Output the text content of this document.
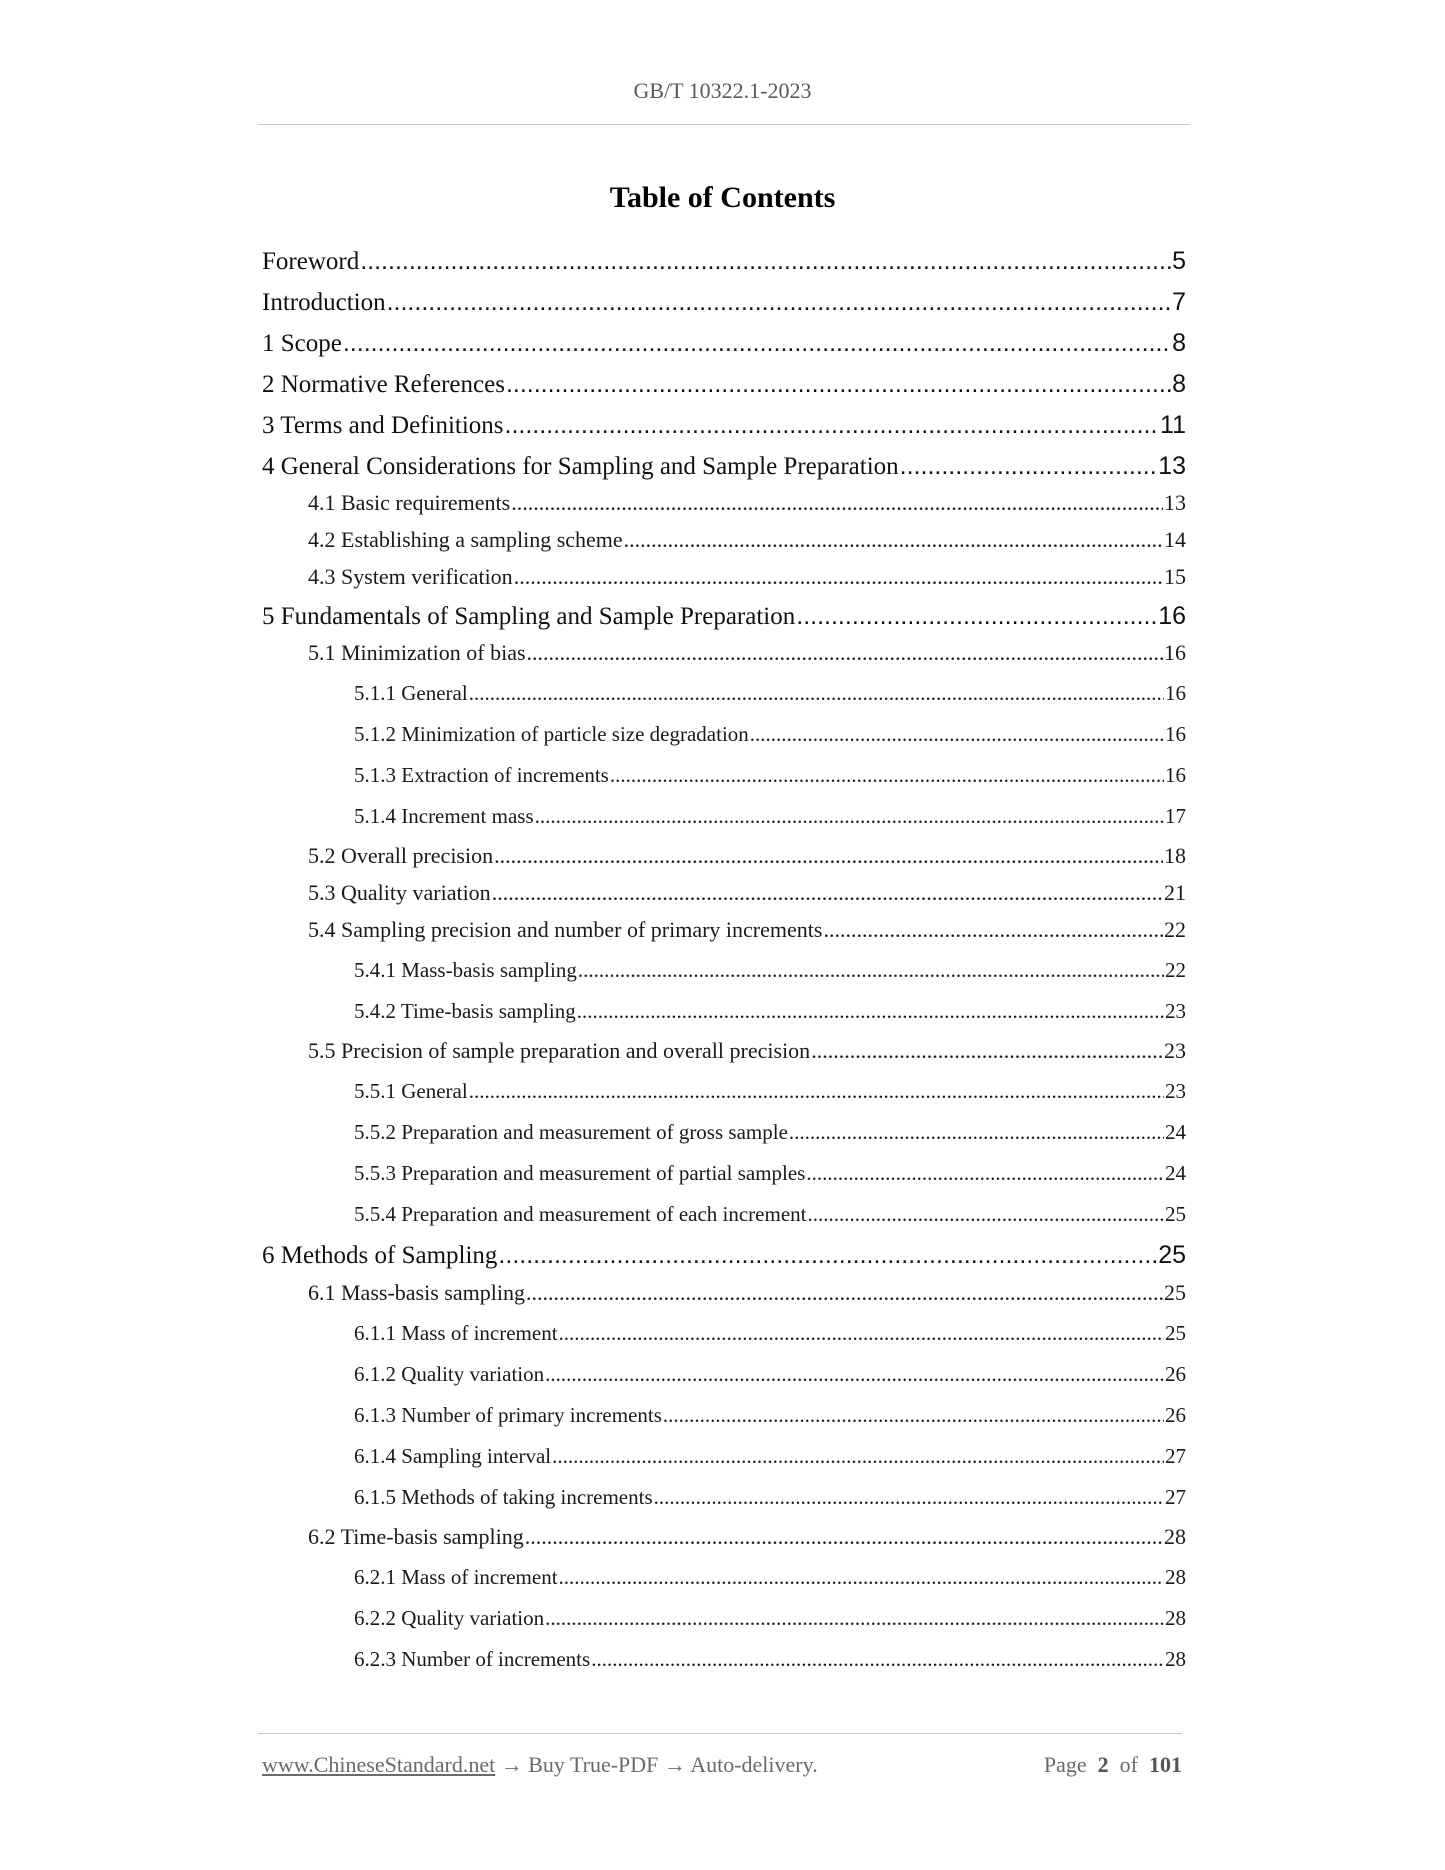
GB/T 10322.1-2023
Table of Contents
Foreword .....	5
Introduction .....	7
1 Scope .....	8
2 Normative References .....	8
3 Terms and Definitions .....	11
4 General Considerations for Sampling and Sample Preparation .....	13
4.1 Basic requirements .....	13
4.2 Establishing a sampling scheme .....	14
4.3 System verification .....	15
5 Fundamentals of Sampling and Sample Preparation .....	16
5.1 Minimization of bias .....	16
5.1.1 General .....	16
5.1.2 Minimization of particle size degradation .....	16
5.1.3 Extraction of increments .....	16
5.1.4 Increment mass .....	17
5.2 Overall precision .....	18
5.3 Quality variation .....	21
5.4 Sampling precision and number of primary increments .....	22
5.4.1 Mass-basis sampling .....	22
5.4.2 Time-basis sampling .....	23
5.5 Precision of sample preparation and overall precision .....	23
5.5.1 General .....	23
5.5.2 Preparation and measurement of gross sample .....	24
5.5.3 Preparation and measurement of partial samples .....	24
5.5.4 Preparation and measurement of each increment .....	25
6 Methods of Sampling .....	25
6.1 Mass-basis sampling .....	25
6.1.1 Mass of increment .....	25
6.1.2 Quality variation .....	26
6.1.3 Number of primary increments .....	26
6.1.4 Sampling interval .....	27
6.1.5 Methods of taking increments .....	27
6.2 Time-basis sampling .....	28
6.2.1 Mass of increment .....	28
6.2.2 Quality variation .....	28
6.2.3 Number of increments .....	28
www.ChineseStandard.net → Buy True-PDF → Auto-delivery.	Page 2 of 101
